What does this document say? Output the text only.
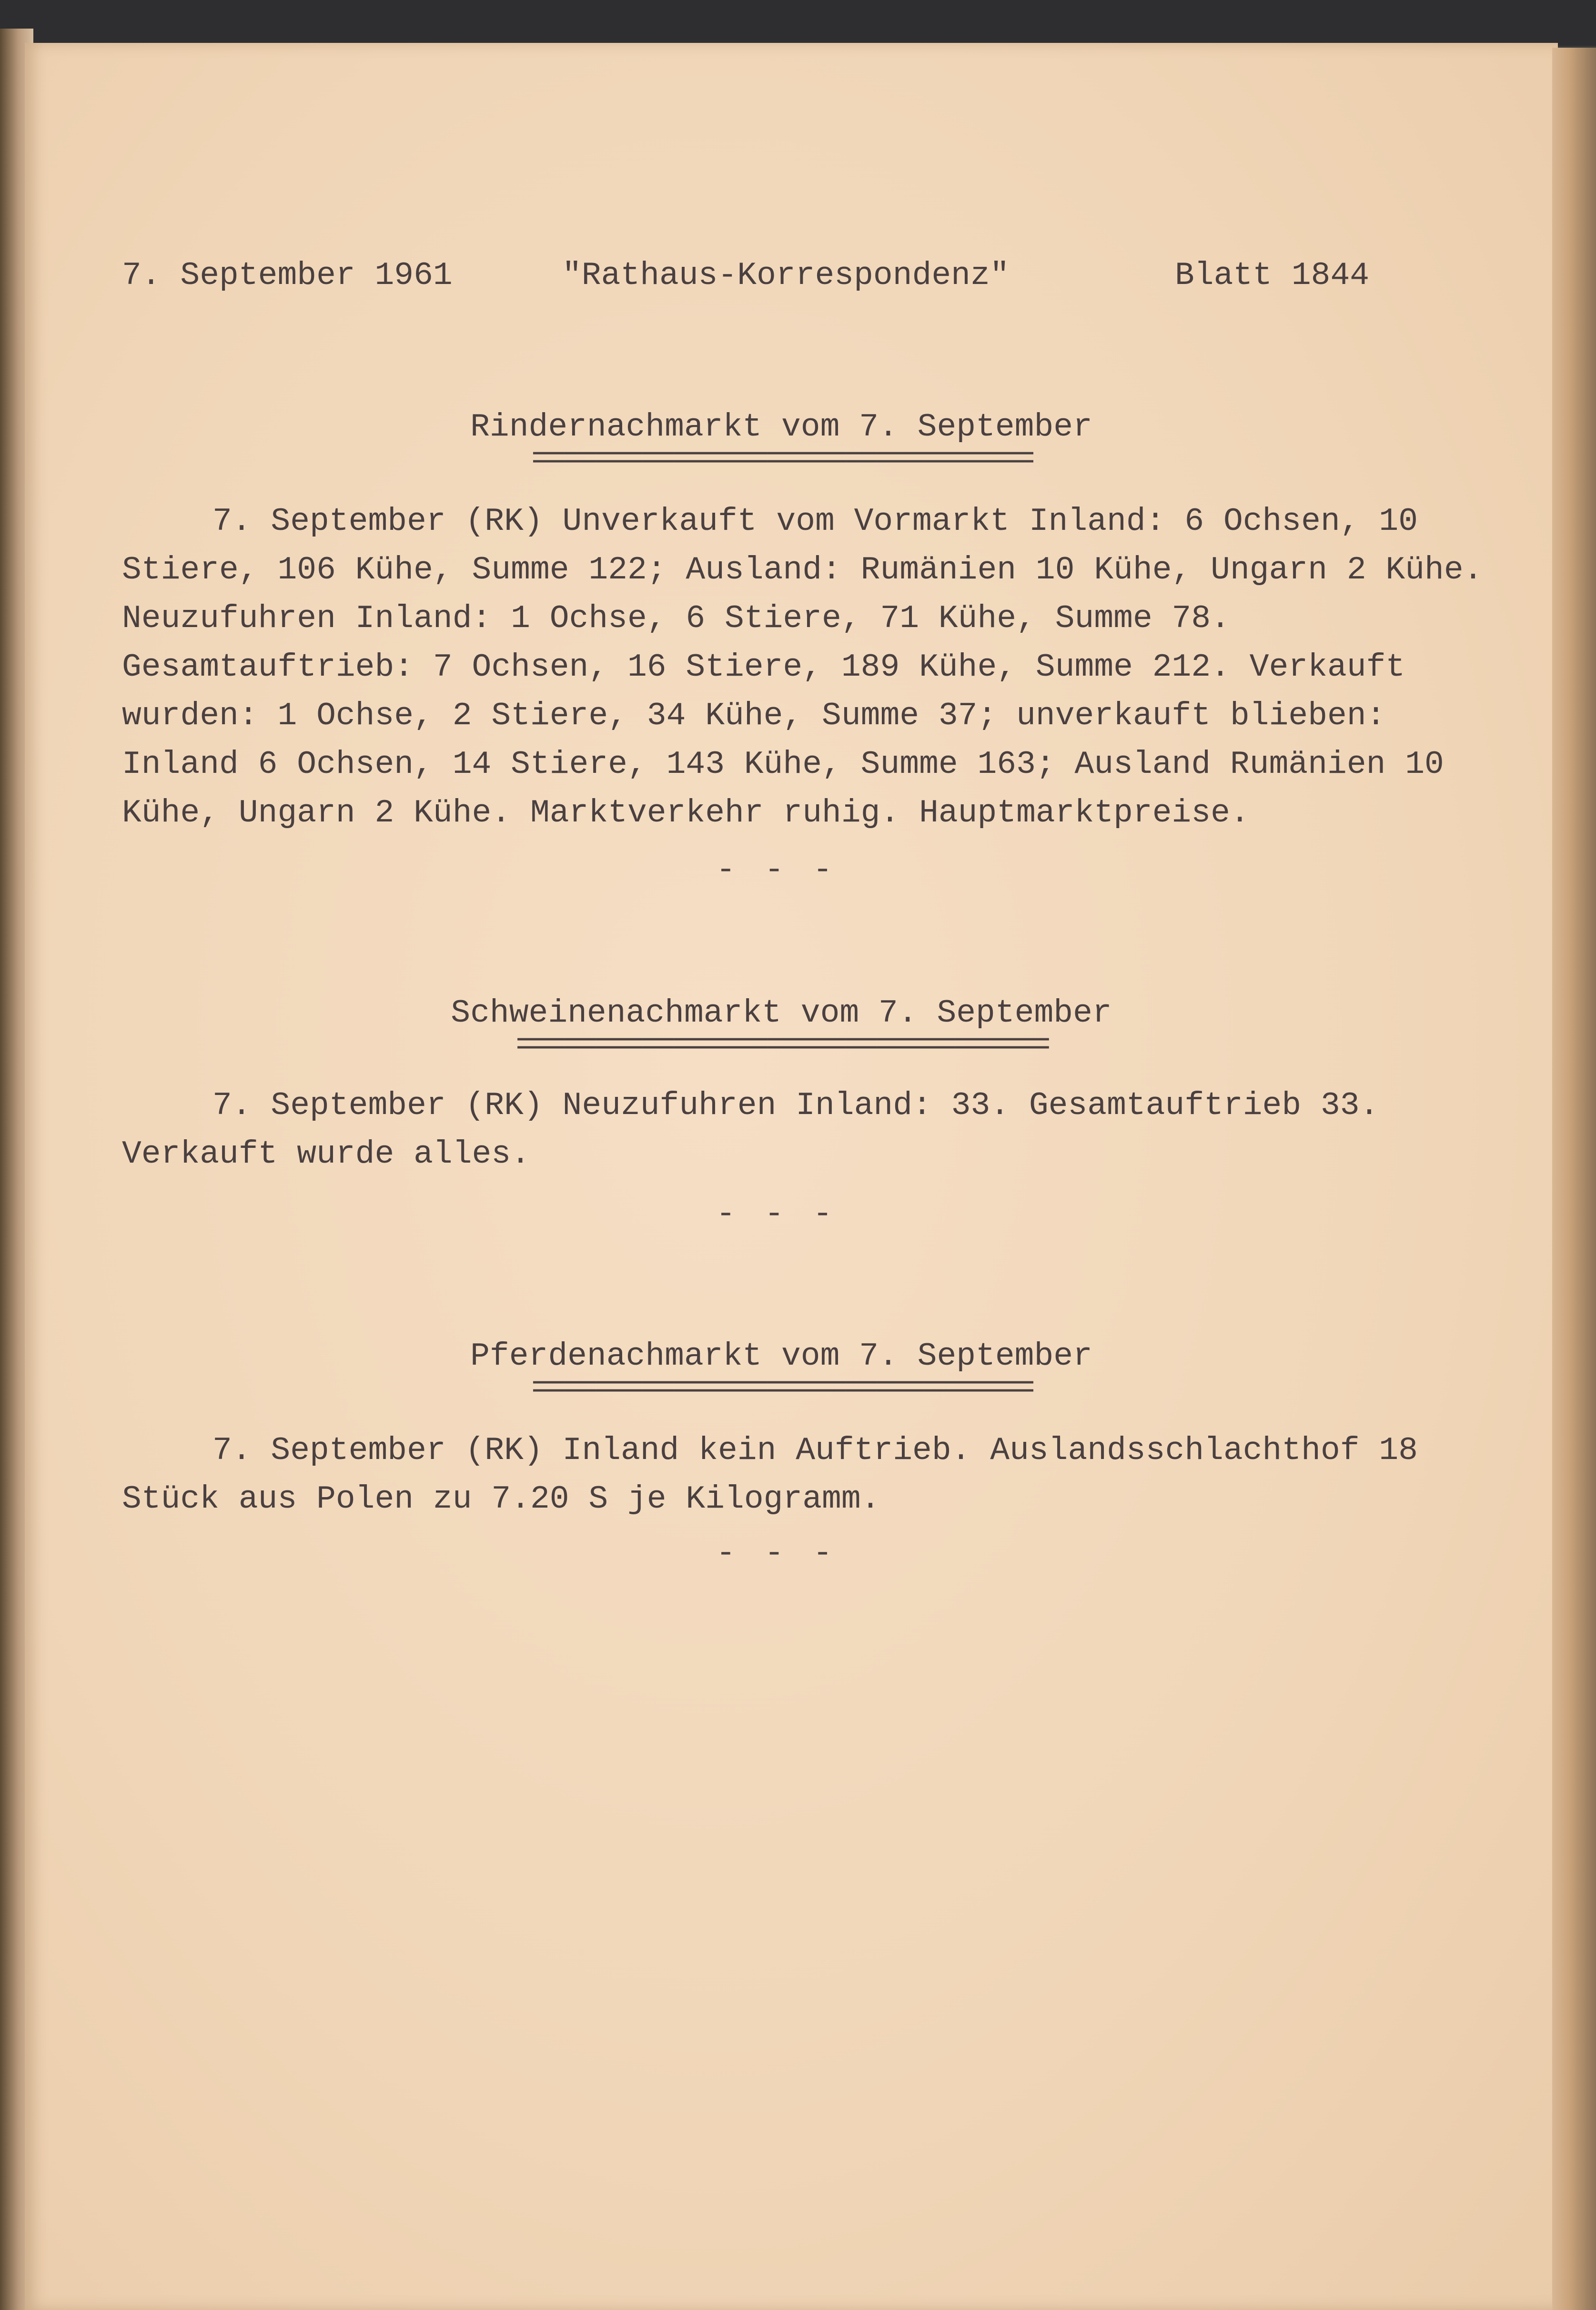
7. September 1961	"Rathaus-Korrespondenz"	Blatt 1844
Rindernachmarkt vom 7. September
================================
7. September (RK) Unverkauft vom Vormarkt Inland: 6 Ochsen, 10 Stiere, 106 Kühe, Summe 122; Ausland: Rumänien 10 Kühe, Ungarn 2 Kühe. Neuzufuhren Inland: 1 Ochse, 6 Stiere, 71 Kühe, Summe 78. Gesamtauftrieb: 7 Ochsen, 16 Stiere, 189 Kühe, Summe 212. Verkauft wurden: 1 Ochse, 2 Stiere, 34 Kühe, Summe 37; unverkauft blieben: Inland 6 Ochsen, 14 Stiere, 143 Kühe, Summe 163; Ausland Rumänien 10 Kühe, Ungarn 2 Kühe. Marktverkehr ruhig. Hauptmarktpreise.
- - -
Schweinenachmarkt vom 7. September
==================================
7. September (RK) Neuzufuhren Inland: 33. Gesamtauftrieb 33. Verkauft wurde alles.
- - -
Pferdenachmarkt vom 7. September
================================
7. September (RK) Inland kein Auftrieb. Auslandsschlachthof 18 Stück aus Polen zu 7.20 S je Kilogramm.
- - -
